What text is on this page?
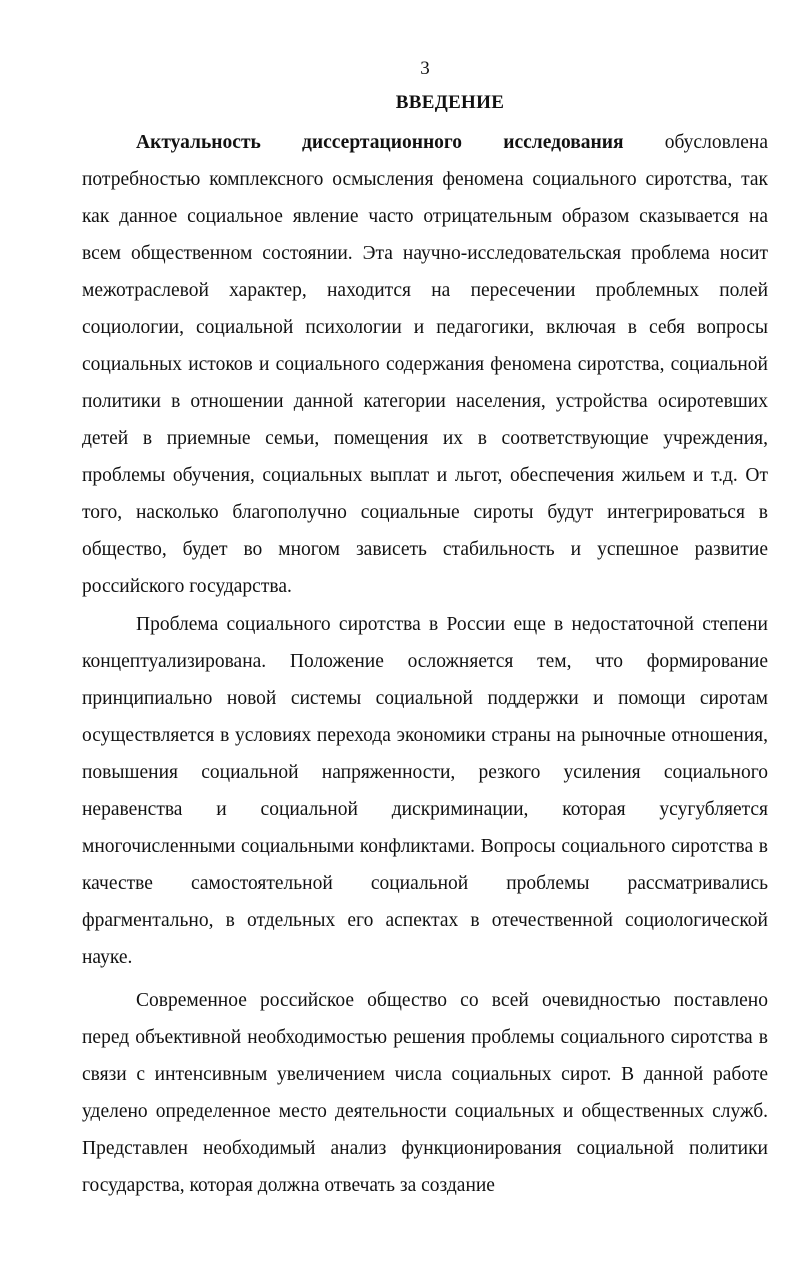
3
ВВЕДЕНИЕ

Актуальность диссертационного исследования обусловлена потребностью комплексного осмысления феномена социального сиротства, так как данное социальное явление часто отрицательным образом сказывается на всем общественном состоянии. Эта научно-исследовательская проблема носит межотраслевой характер, находится на пересечении проблемных полей социологии, социальной психологии и педагогики, включая в себя вопросы социальных истоков и социального содержания феномена сиротства, социальной политики в отношении данной категории населения, устройства осиротевших детей в приемные семьи, помещения их в соответствующие учреждения, проблемы обучения, социальных выплат и льгот, обеспечения жильем и т.д. От того, насколько благополучно социальные сироты будут интегрироваться в общество, будет во многом зависеть стабильность и успешное развитие российского государства.

Проблема социального сиротства в России еще в недостаточной степени концептуализирована. Положение осложняется тем, что формирование принципиально новой системы социальной поддержки и помощи сиротам осуществляется в условиях перехода экономики страны на рыночные отношения, повышения социальной напряженности, резкого усиления социального неравенства и социальной дискриминации, которая усугубляется многочисленными социальными конфликтами. Вопросы социального сиротства в качестве самостоятельной социальной проблемы рассматривались фрагментально, в отдельных его аспектах в отечественной социологической науке.

Современное российское общество со всей очевидностью поставлено перед объективной необходимостью решения проблемы социального сиротства в связи с интенсивным увеличением числа социальных сирот. В данной работе уделено определенное место деятельности социальных и общественных служб. Представлен необходимый анализ функционирования социальной политики государства, которая должна отвечать за создание
